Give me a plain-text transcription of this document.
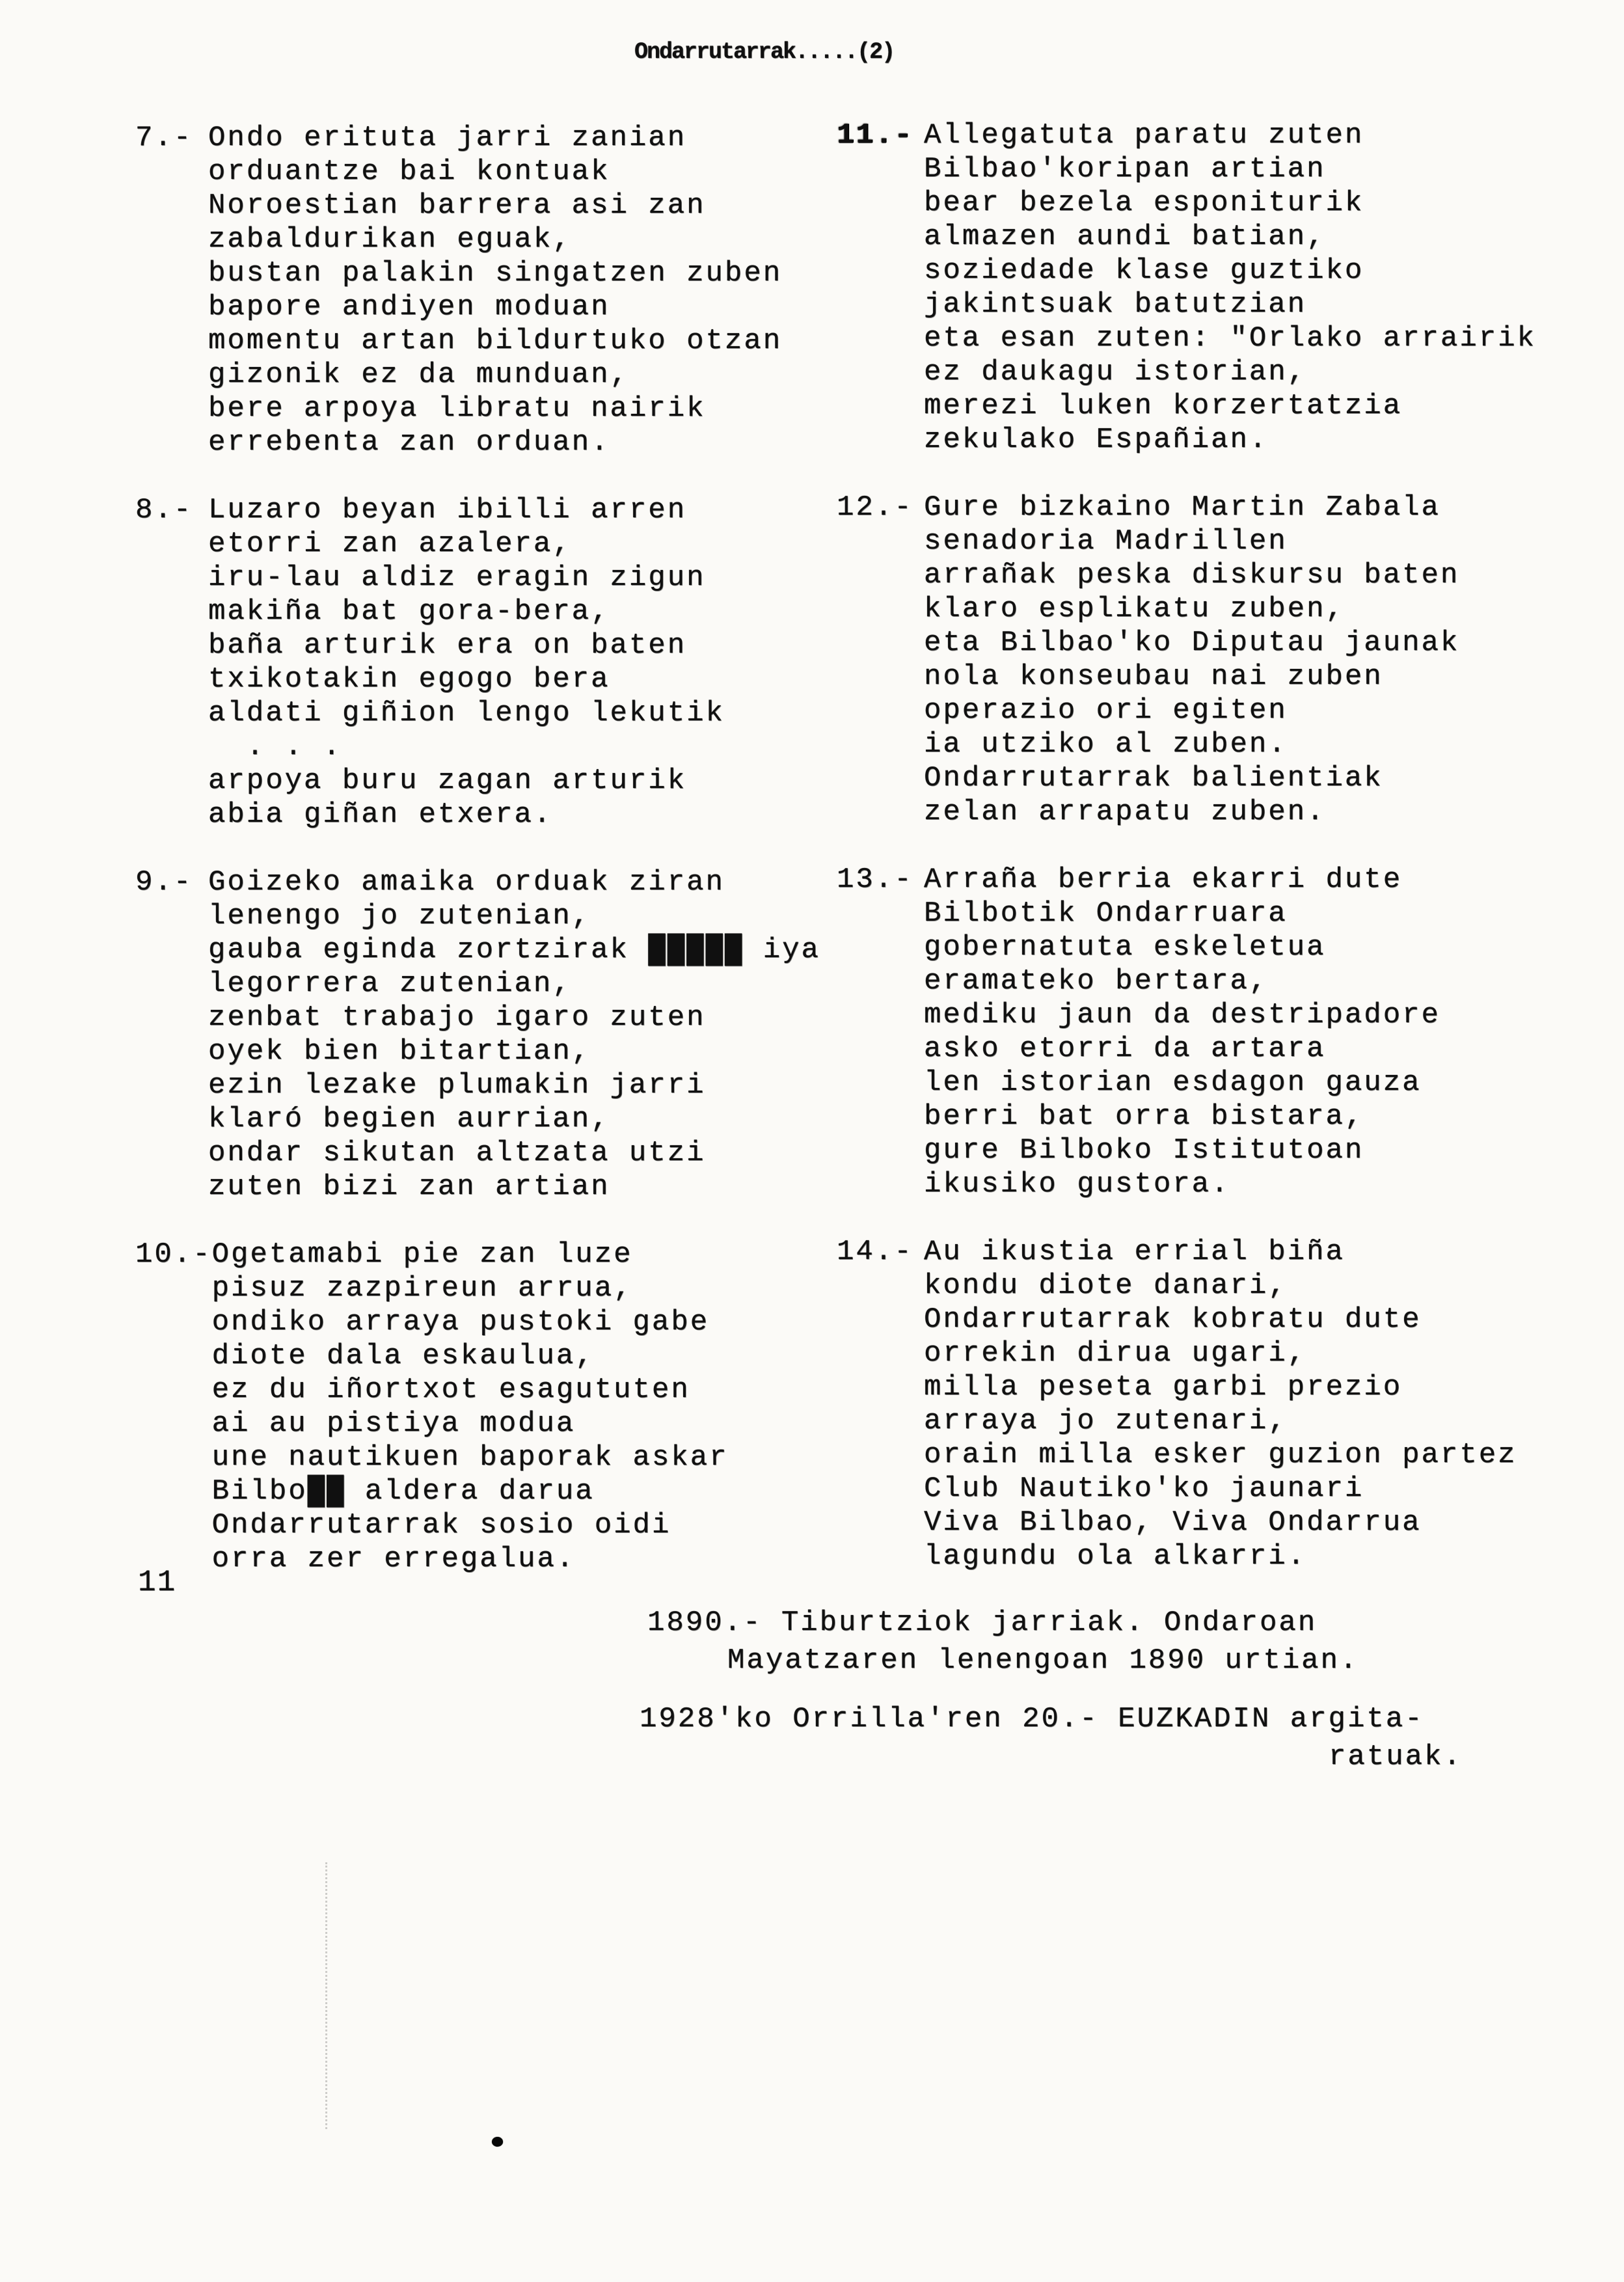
Ondarrutarrak.....(2)
7.- Ondo erituta jarri zanian
orduantze bai kontuak
Noroestian barrera asi zan
zabaldurikan eguak,
bustan palakin singatzen zuben
bapore andiyen moduan
momentu artan bildurtuko otzan
gizonik ez da munduan,
bere arpoya libratu nairik
errebenta zan orduan.
8.- Luzaro beyan ibilli arren
etorri zan azalera,
iru-lau aldiz eragin zigun
makiña bat gora-bera,
baña arturik era on baten
txikotakin egogo bera
aldati giñion lengo lekutik
. . .
arpoya buru zagan arturik
abia giñan etxera.
9.- Goizeko amaika orduak ziran
lenengo jo zutenian,
gauba eginda zortzirak █████ iya
legorrera zutenian,
zenbat trabajo igaro zuten
oyek bien bitartian,
ezin lezake plumakin jarri
klaró begien aurrian,
ondar sikutan altzata utzi
zuten bizi zan artian
10.- Ogetamabi pie zan luze
pisuz zazpireun arrua,
ondiko arraya pustoki gabe
diote dala eskaulua,
ez du iñortxot esagututen
ai au pistiya modua
une nautikuen baporak askar
Bilbo██ aldera darua
Ondarrutarrak sosio oidi
orra zer erregalua.
11.- Allegatuta paratu zuten
Bilbao'koripan artian
bear bezela esponiturik
almazen aundi batian,
soziedade klase guztiko
jakintsuak batutzian
eta esan zuten: "Orlako arrairik
ez daukagu istorian,
merezi luken korzertatzia
zekulako Españian.
12.- Gure bizkaino Martin Zabala
senadoria Madrillen
arrañak peska diskursu baten
klaro esplikatu zuben,
eta Bilbao'ko Diputau jaunak
nola konseubau nai zuben
operazio ori egiten
ia utziko al zuben.
Ondarrutarrak balientiak
zelan arrapatu zuben.
13.- Arraña berria ekarri dute
Bilbotik Ondarruara
gobernatuta eskeletua
eramateko bertara,
mediku jaun da destripadore
asko etorri da artara
len istorian esdagon gauza
berri bat orra bistara,
gure Bilboko Istitutoan
ikusiko gustora.
14.- Au ikustia errial biña
kondu diote danari,
Ondarrutarrak kobratu dute
orrekin dirua ugari,
milla peseta garbi prezio
arraya jo zutenari,
orain milla esker guzion partez
Club Nautiko'ko jaunari
Viva Bilbao, Viva Ondarrua
lagundu ola alkarri.
11
1890.- Tiburtziok jarriak. Ondaroan
Mayatzaren lenengoan 1890 urtian.
1928'ko Orrilla'ren 20.- EUZKADIN argita-
ratuak.
